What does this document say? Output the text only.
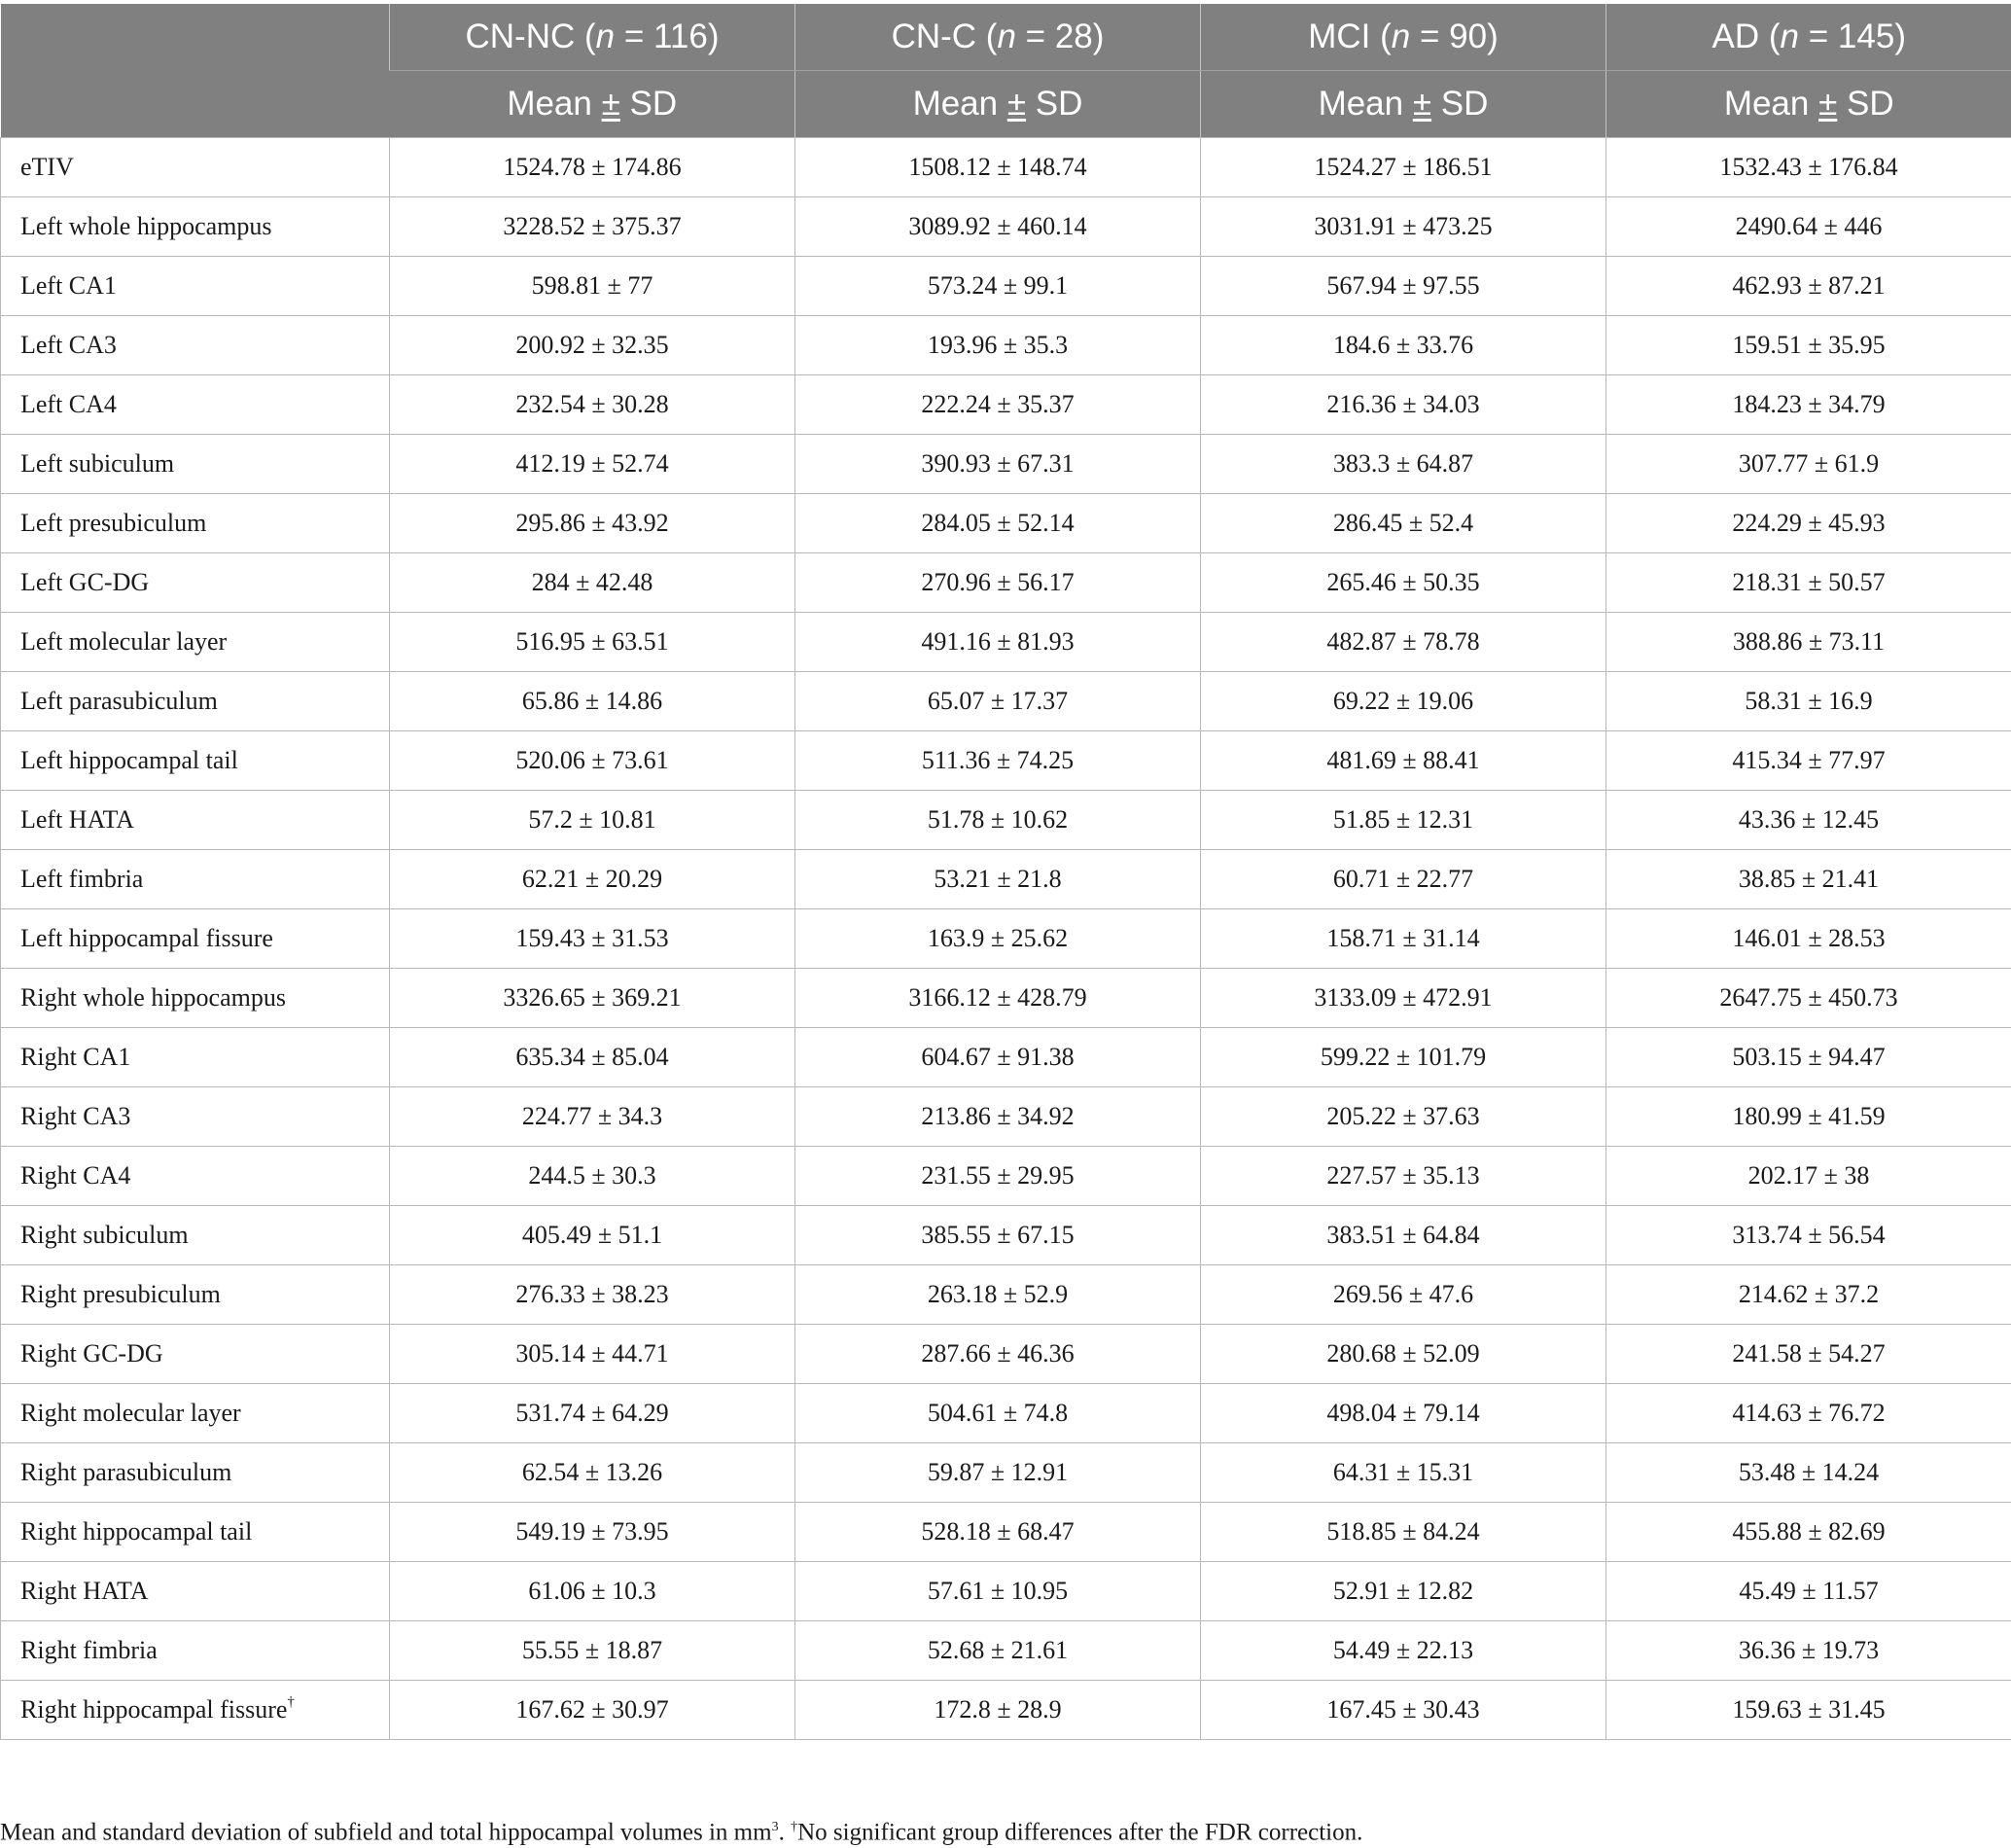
	CN-NC (n = 116)	CN-C (n = 28)	MCI (n = 90)	AD (n = 145)
	Mean ± SD	Mean ± SD	Mean ± SD	Mean ± SD
eTIV	1524.78 ± 174.86	1508.12 ± 148.74	1524.27 ± 186.51	1532.43 ± 176.84
Left whole hippocampus	3228.52 ± 375.37	3089.92 ± 460.14	3031.91 ± 473.25	2490.64 ± 446
Left CA1	598.81 ± 77	573.24 ± 99.1	567.94 ± 97.55	462.93 ± 87.21
Left CA3	200.92 ± 32.35	193.96 ± 35.3	184.6 ± 33.76	159.51 ± 35.95
Left CA4	232.54 ± 30.28	222.24 ± 35.37	216.36 ± 34.03	184.23 ± 34.79
Left subiculum	412.19 ± 52.74	390.93 ± 67.31	383.3 ± 64.87	307.77 ± 61.9
Left presubiculum	295.86 ± 43.92	284.05 ± 52.14	286.45 ± 52.4	224.29 ± 45.93
Left GC-DG	284 ± 42.48	270.96 ± 56.17	265.46 ± 50.35	218.31 ± 50.57
Left molecular layer	516.95 ± 63.51	491.16 ± 81.93	482.87 ± 78.78	388.86 ± 73.11
Left parasubiculum	65.86 ± 14.86	65.07 ± 17.37	69.22 ± 19.06	58.31 ± 16.9
Left hippocampal tail	520.06 ± 73.61	511.36 ± 74.25	481.69 ± 88.41	415.34 ± 77.97
Left HATA	57.2 ± 10.81	51.78 ± 10.62	51.85 ± 12.31	43.36 ± 12.45
Left fimbria	62.21 ± 20.29	53.21 ± 21.8	60.71 ± 22.77	38.85 ± 21.41
Left hippocampal fissure	159.43 ± 31.53	163.9 ± 25.62	158.71 ± 31.14	146.01 ± 28.53
Right whole hippocampus	3326.65 ± 369.21	3166.12 ± 428.79	3133.09 ± 472.91	2647.75 ± 450.73
Right CA1	635.34 ± 85.04	604.67 ± 91.38	599.22 ± 101.79	503.15 ± 94.47
Right CA3	224.77 ± 34.3	213.86 ± 34.92	205.22 ± 37.63	180.99 ± 41.59
Right CA4	244.5 ± 30.3	231.55 ± 29.95	227.57 ± 35.13	202.17 ± 38
Right subiculum	405.49 ± 51.1	385.55 ± 67.15	383.51 ± 64.84	313.74 ± 56.54
Right presubiculum	276.33 ± 38.23	263.18 ± 52.9	269.56 ± 47.6	214.62 ± 37.2
Right GC-DG	305.14 ± 44.71	287.66 ± 46.36	280.68 ± 52.09	241.58 ± 54.27
Right molecular layer	531.74 ± 64.29	504.61 ± 74.8	498.04 ± 79.14	414.63 ± 76.72
Right parasubiculum	62.54 ± 13.26	59.87 ± 12.91	64.31 ± 15.31	53.48 ± 14.24
Right hippocampal tail	549.19 ± 73.95	528.18 ± 68.47	518.85 ± 84.24	455.88 ± 82.69
Right HATA	61.06 ± 10.3	57.61 ± 10.95	52.91 ± 12.82	45.49 ± 11.57
Right fimbria	55.55 ± 18.87	52.68 ± 21.61	54.49 ± 22.13	36.36 ± 19.73
Right hippocampal fissure†	167.62 ± 30.97	172.8 ± 28.9	167.45 ± 30.43	159.63 ± 31.45
Mean and standard deviation of subfield and total hippocampal volumes in $mm^3$. †No significant group differences after the FDR correction.
